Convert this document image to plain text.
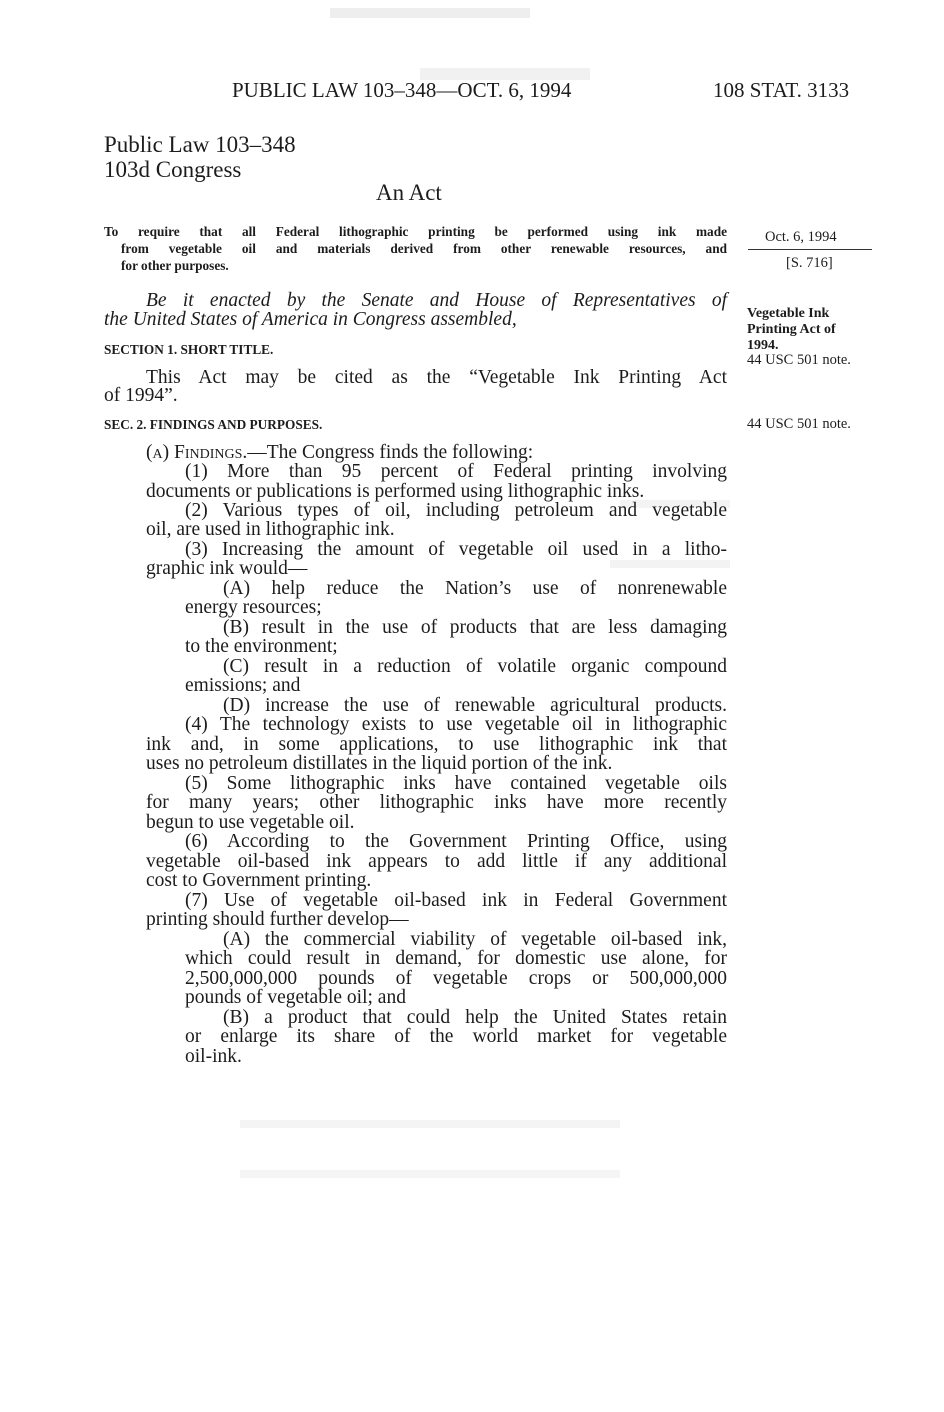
PUBLIC LAW 103–348—OCT. 6, 1994	108 STAT. 3133
Public Law 103–348
103d Congress
An Act
To require that all Federal lithographic printing be performed using ink made
from vegetable oil and materials derived from other renewable resources, and
for other purposes.
Be it enacted by the Senate and House of Representatives of
the United States of America in Congress assembled,
SECTION 1. SHORT TITLE.
This Act may be cited as the “Vegetable Ink Printing Act
of 1994”.
SEC. 2. FINDINGS AND PURPOSES.
(a) Findings.—The Congress finds the following:
(1) More than 95 percent of Federal printing involving
documents or publications is performed using lithographic inks.
(2) Various types of oil, including petroleum and vegetable
oil, are used in lithographic ink.
(3) Increasing the amount of vegetable oil used in a litho-
graphic ink would—
(A) help reduce the Nation’s use of nonrenewable
energy resources;
(B) result in the use of products that are less damaging
to the environment;
(C) result in a reduction of volatile organic compound
emissions; and
(D) increase the use of renewable agricultural products.
(4) The technology exists to use vegetable oil in lithographic
ink and, in some applications, to use lithographic ink that
uses no petroleum distillates in the liquid portion of the ink.
(5) Some lithographic inks have contained vegetable oils
for many years; other lithographic inks have more recently
begun to use vegetable oil.
(6) According to the Government Printing Office, using
vegetable oil-based ink appears to add little if any additional
cost to Government printing.
(7) Use of vegetable oil-based ink in Federal Government
printing should further develop—
(A) the commercial viability of vegetable oil-based ink,
which could result in demand, for domestic use alone, for
2,500,000,000 pounds of vegetable crops or 500,000,000
pounds of vegetable oil; and
(B) a product that could help the United States retain
or enlarge its share of the world market for vegetable
oil-ink.
Oct. 6, 1994
[S. 716]
Vegetable Ink
Printing Act of
1994.
44 USC 501 note.
44 USC 501 note.
